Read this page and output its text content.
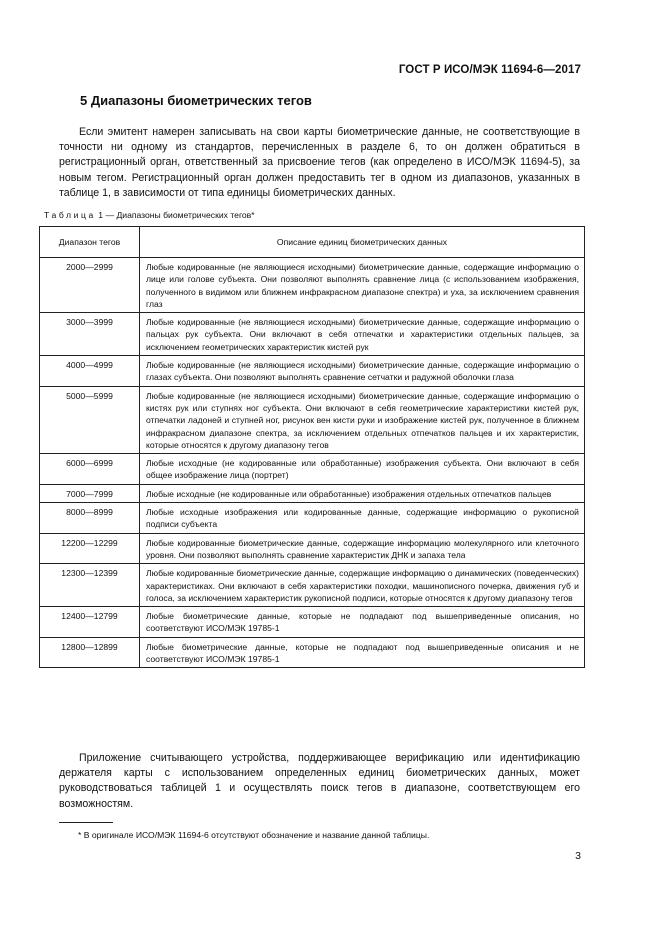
ГОСТ Р ИСО/МЭК 11694-6—2017
5 Диапазоны биометрических тегов

Если эмитент намерен записывать на свои карты биометрические данные, не соответствующие в точности ни одному из стандартов, перечисленных в разделе 6, то он должен обратиться в регистрационный орган, ответственный за присвоение тегов (как определено в ИСО/МЭК 11694-5), за новым тегом. Регистрационный орган должен предоставить тег в одном из диапазонов, указанных в таблице 1, в зависимости от типа единицы биометрических данных.

Таблица 1 — Диапазоны биометрических тегов*
Диапазон тегов	Описание единиц биометрических данных
2000—2999	Любые кодированные (не являющиеся исходными) биометрические данные, содержащие информацию о лице или голове субъекта. Они позволяют выполнять сравнение лица (с использованием изображения, полученного в видимом или ближнем инфракрасном диапазоне спектра) и уха, за исключением сравнения глаз
3000—3999	Любые кодированные (не являющиеся исходными) биометрические данные, содержащие информацию о пальцах рук субъекта. Они включают в себя отпечатки и характеристики отдельных пальцев, за исключением геометрических характеристик кистей рук
4000—4999	Любые кодированные (не являющиеся исходными) биометрические данные, содержащие информацию о глазах субъекта. Они позволяют выполнять сравнение сетчатки и радужной оболочки глаза
5000—5999	Любые кодированные (не являющиеся исходными) биометрические данные, содержащие информацию о кистях рук или ступнях ног субъекта. Они включают в себя геометрические характеристики кистей рук, отпечатки ладоней и ступней ног, рисунок вен кисти руки и изображение кистей рук, полученное в ближнем инфракрасном диапазоне спектра, за исключением отдельных отпечатков пальцев и их характеристик, которые относятся к другому диапазону тегов
6000—6999	Любые исходные (не кодированные или обработанные) изображения субъекта. Они включают в себя общее изображение лица (портрет)
7000—7999	Любые исходные (не кодированные или обработанные) изображения отдельных отпечатков пальцев
8000—8999	Любые исходные изображения или кодированные данные, содержащие информацию о рукописной подписи субъекта
12200—12299	Любые кодированные биометрические данные, содержащие информацию молекулярного или клеточного уровня. Они позволяют выполнять сравнение характеристик ДНК и запаха тела
12300—12399	Любые кодированные биометрические данные, содержащие информацию о динамических (поведенческих) характеристиках. Они включают в себя характеристики походки, машинописного почерка, движения губ и голоса, за исключением характеристик рукописной подписи, которые относятся к другому диапазону тегов
12400—12799	Любые биометрические данные, которые не подпадают под вышеприведенные описания, но соответствуют ИСО/МЭК 19785-1
12800—12899	Любые биометрические данные, которые не подпадают под вышеприведенные описания и не соответствуют ИСО/МЭК 19785-1

Приложение считывающего устройства, поддерживающее верификацию или идентификацию держателя карты с использованием определенных единиц биометрических данных, может руководствоваться таблицей 1 и осуществлять поиск тегов в диапазоне, соответствующем его возможностям.

* В оригинале ИСО/МЭК 11694-6 отсутствуют обозначение и название данной таблицы.
3
